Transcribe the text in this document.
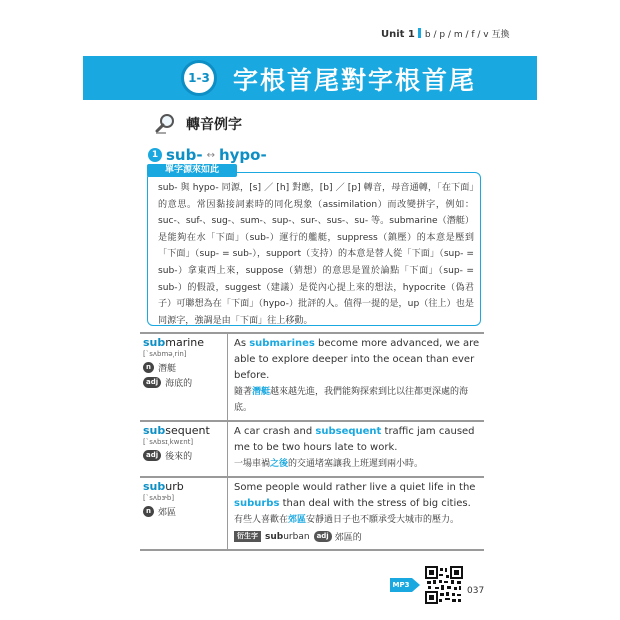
Unit 1 b / p / m / f / v 互換
1-3 字根首尾對字根首尾
轉音例字
1 sub- ↔ hypo-
單字源來如此
sub- 與 hypo- 同源，[s] ／ [h] 對應，[b] ／ [p] 轉音，母音通轉，「在下面」的意思。常因黏接詞素時的同化現象（assimilation）而改變拼字，例如：suc-、suf-、sug-、sum-、sup-、sur-、sus-、su- 等。submarine（潛艇）是能夠在水「下面」（sub-）運行的艦艇，suppress（鎮壓）的本意是壓到「下面」（sup- = sub-），support（支持）的本意是替人從「下面」（sup- = sub-）拿東西上來，suppose（猜想）的意思是置於論點「下面」（sup- = sub-）的假設，suggest（建議）是從內心提上來的想法，hypocrite（偽君子）可聯想為在「下面」（hypo-）批評的人。值得一提的是，up（往上）也是同源字，強調是由「下面」往上移動。
submarine
[ˋsʌbmə͵rin]
n 潛艇
adj 海底的
As submarines become more advanced, we are able to explore deeper into the ocean than ever before.
隨著潛艇越來越先進，我們能夠探索到比以往都更深處的海底。
subsequent
[ˋsʌbsɪ͵kwɛnt]
adj 後來的
A car crash and subsequent traffic jam caused me to be two hours late to work.
一場車禍之後的交通堵塞讓我上班遲到兩小時。
suburb
[ˋsʌbɝb]
n 郊區
Some people would rather live a quiet life in the suburbs than deal with the stress of big cities.
有些人喜歡在郊區安靜過日子也不願承受大城市的壓力。
衍生字 suburban	adj 郊區的
MP3
037
